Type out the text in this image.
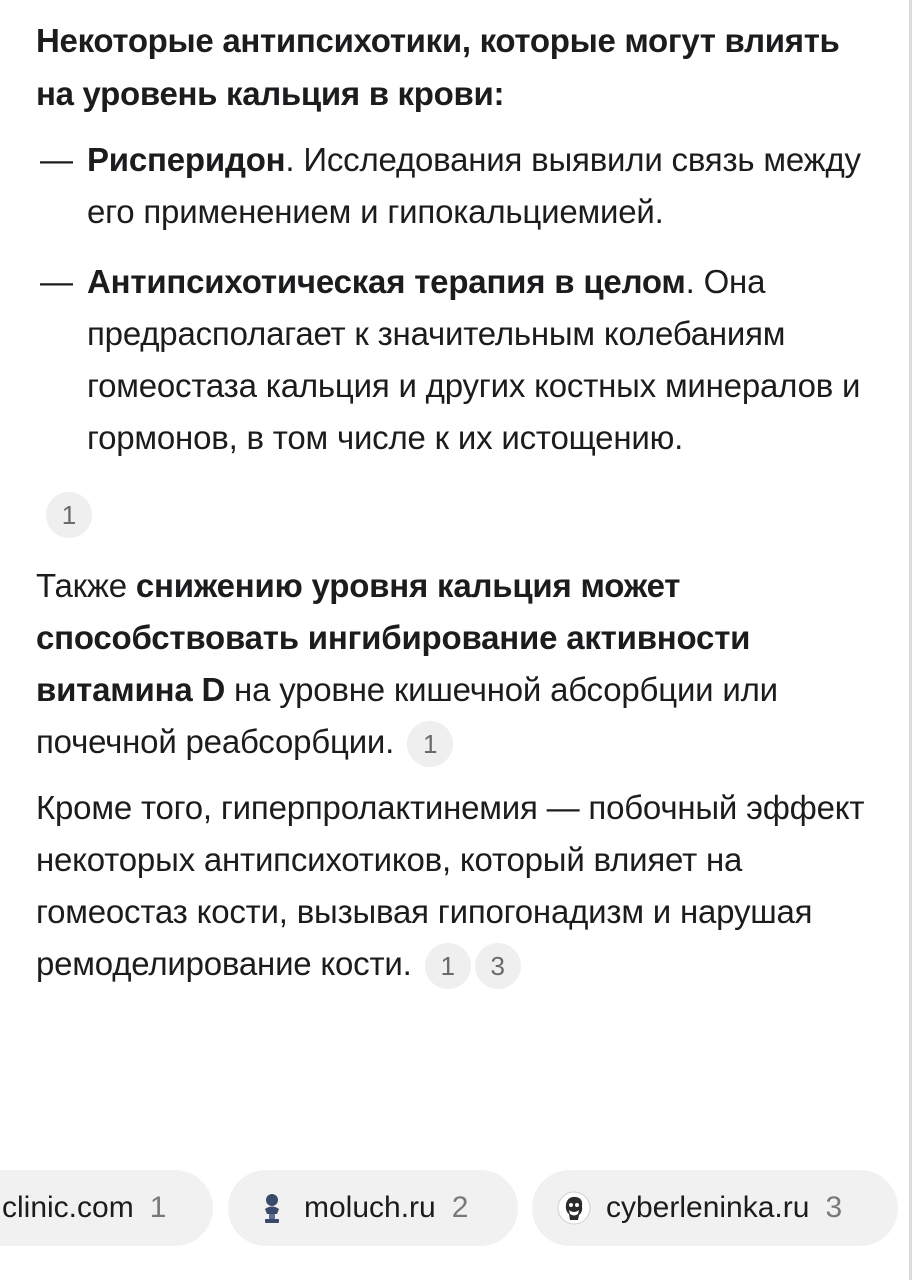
Некоторые антипсихотики, которые могут влиять на уровень кальция в крови:
— Рисперидон. Исследования выявили связь между его применением и гипокальциемией.
— Антипсихотическая терапия в целом. Она предрасполагает к значительным колебаниям гомеостаза кальция и других костных минералов и гормонов, в том числе к их истощению.
1

Также снижению уровня кальция может способствовать ингибирование активности витамина D на уровне кишечной абсорбции или почечной реабсорбции. 1

Кроме того, гиперпролактинемия — побочный эффект некоторых антипсихотиков, который влияет на гомеостаз кости, вызывая гипогонадизм и нарушая ремоделирование кости. 1 3

clinic.com 1	moluch.ru 2	cyberleninka.ru 3
